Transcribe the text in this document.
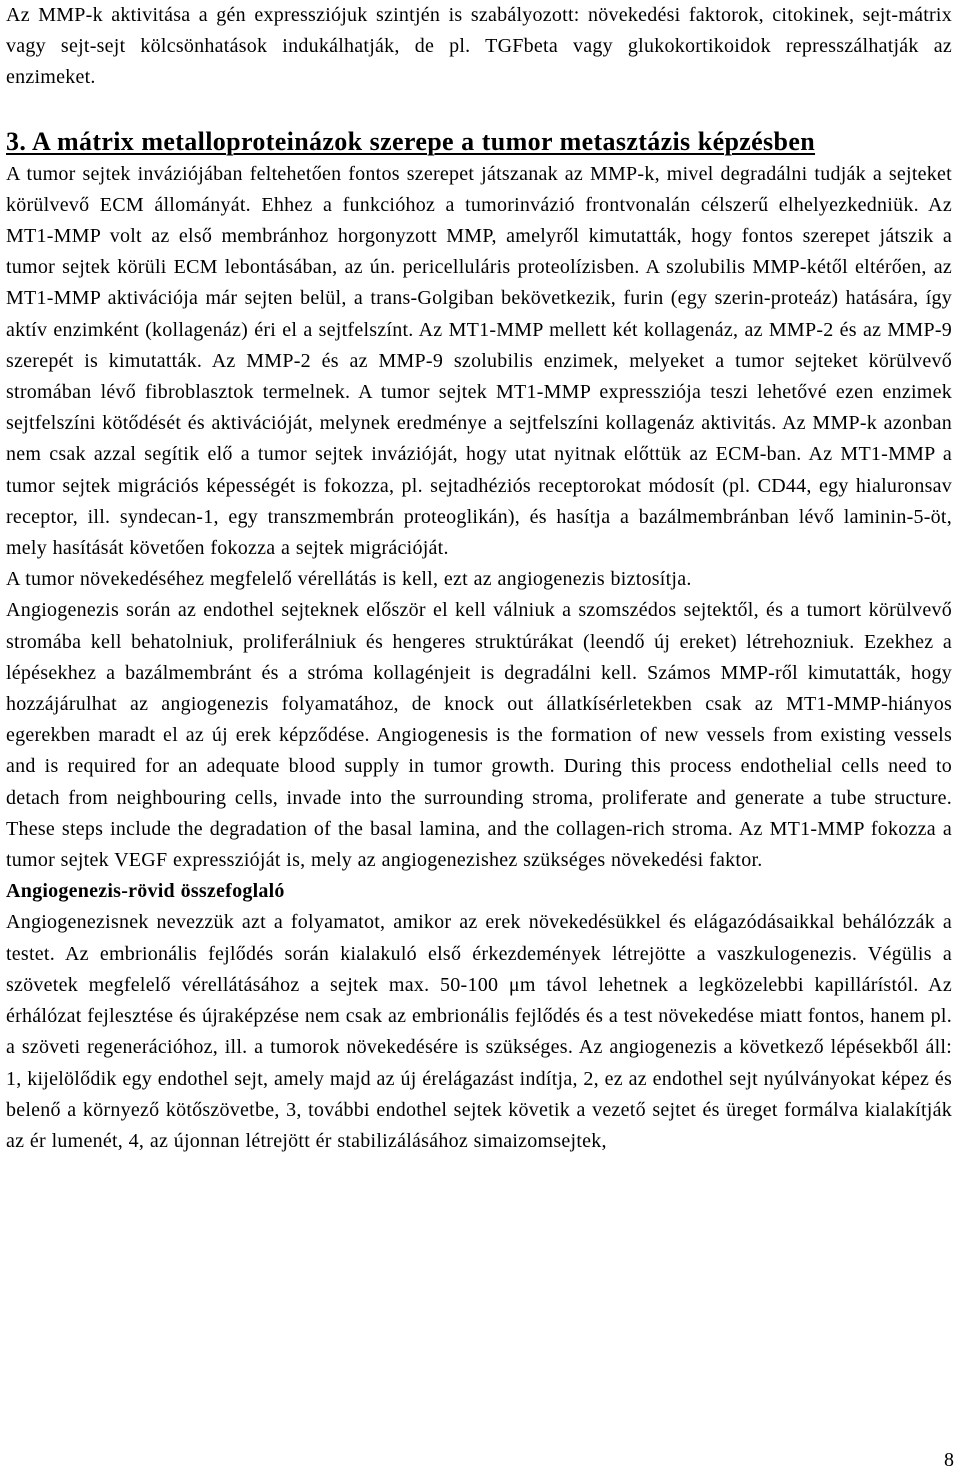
Az MMP-k aktivitása a gén expressziójuk szintjén is szabályozott: növekedési faktorok, citokinek, sejt-mátrix vagy sejt-sejt kölcsönhatások indukálhatják, de pl. TGFbeta vagy glukokortikoidok represszálhatják az enzimeket.

3. A mátrix metalloproteinázok szerepe a tumor metasztázis képzésben

A tumor sejtek inváziójában feltehetően fontos szerepet játszanak az MMP-k, mivel degradálni tudják a sejteket körülvevő ECM állományát. Ehhez a funkcióhoz a tumorinvázió frontvonalán célszerű elhelyezkedniük. Az MT1-MMP volt az első membránhoz horgonyzott MMP, amelyről kimutatták, hogy fontos szerepet játszik a tumor sejtek körüli ECM lebontásában, az ún. pericelluláris proteolízisben. A szolubilis MMP-kétől eltérően, az MT1-MMP aktivációja már sejten belül, a trans-Golgiban bekövetkezik, furin (egy szerin-proteáz) hatására, így aktív enzimként (kollagenáz) éri el a sejtfelszínt. Az MT1-MMP mellett két kollagenáz, az MMP-2 és az MMP-9 szerepét is kimutatták. Az MMP-2 és az MMP-9 szolubilis enzimek, melyeket a tumor sejteket körülvevő stromában lévő fibroblasztok termelnek. A tumor sejtek MT1-MMP expressziója teszi lehetővé ezen enzimek sejtfelszíni kötődését és aktivációját, melynek eredménye a sejtfelszíni kollagenáz aktivitás. Az MMP-k azonban nem csak azzal segítik elő a tumor sejtek invázióját, hogy utat nyitnak előttük az ECM-ban. Az MT1-MMP a tumor sejtek migrációs képességét is fokozza, pl. sejtadhéziós receptorokat módosít (pl. CD44, egy hialuronsav receptor, ill. syndecan-1, egy transzmembrán proteoglikán), és hasítja a bazálmembránban lévő laminin-5-öt, mely hasítását követően fokozza a sejtek migrációját.

A tumor növekedéséhez megfelelő vérellátás is kell, ezt az angiogenezis biztosítja.
Angiogenezis során az endothel sejteknek először el kell válniuk a szomszédos sejtektől, és a tumort körülvevő stromába kell behatolniuk, proliferálniuk és hengeres struktúrákat (leendő új ereket) létrehozniuk. Ezekhez a lépésekhez a bazálmembránt és a stróma kollagénjeit is degradálni kell. Számos MMP-ről kimutatták, hogy hozzájárulhat az angiogenezis folyamatához, de knock out állatkísérletekben csak az MT1-MMP-hiányos egerekben maradt el az új erek képződése. Angiogenesis is the formation of new vessels from existing vessels and is required for an adequate blood supply in tumor growth. During this process endothelial cells need to detach from neighbouring cells, invade into the surrounding stroma, proliferate and generate a tube structure. These steps include the degradation of the basal lamina, and the collagen-rich stroma. Az MT1-MMP fokozza a tumor sejtek VEGF expresszióját is, mely az angiogenezishez szükséges növekedési faktor.

Angiogenezis-rövid összefoglaló

Angiogenezisnek nevezzük azt a folyamatot, amikor az erek növekedésükkel és elágazódásaikkal behálózzák a testet. Az embrionális fejlődés során kialakuló első érkezdemények létrejötte a vaszkulogenezis. Végülis a szövetek megfelelő vérellátásához a sejtek max. 50-100 μm távol lehetnek a legközelebbi kapillárístól. Az érhálózat fejlesztése és újraképzése nem csak az embrionális fejlődés és a test növekedése miatt fontos, hanem pl. a szöveti regenerációhoz, ill. a tumorok növekedésére is szükséges. Az angiogenezis a következő lépésekből áll: 1, kijelölődik egy endothel sejt, amely majd az új érelágazást indítja, 2, ez az endothel sejt nyúlványokat képez és belenő a környező kötőszövetbe, 3, további endothel sejtek követik a vezető sejtet és üreget formálva kialakítják az ér lumenét, 4, az újonnan létrejött ér stabilizálásához simaizomsejtek,

8
